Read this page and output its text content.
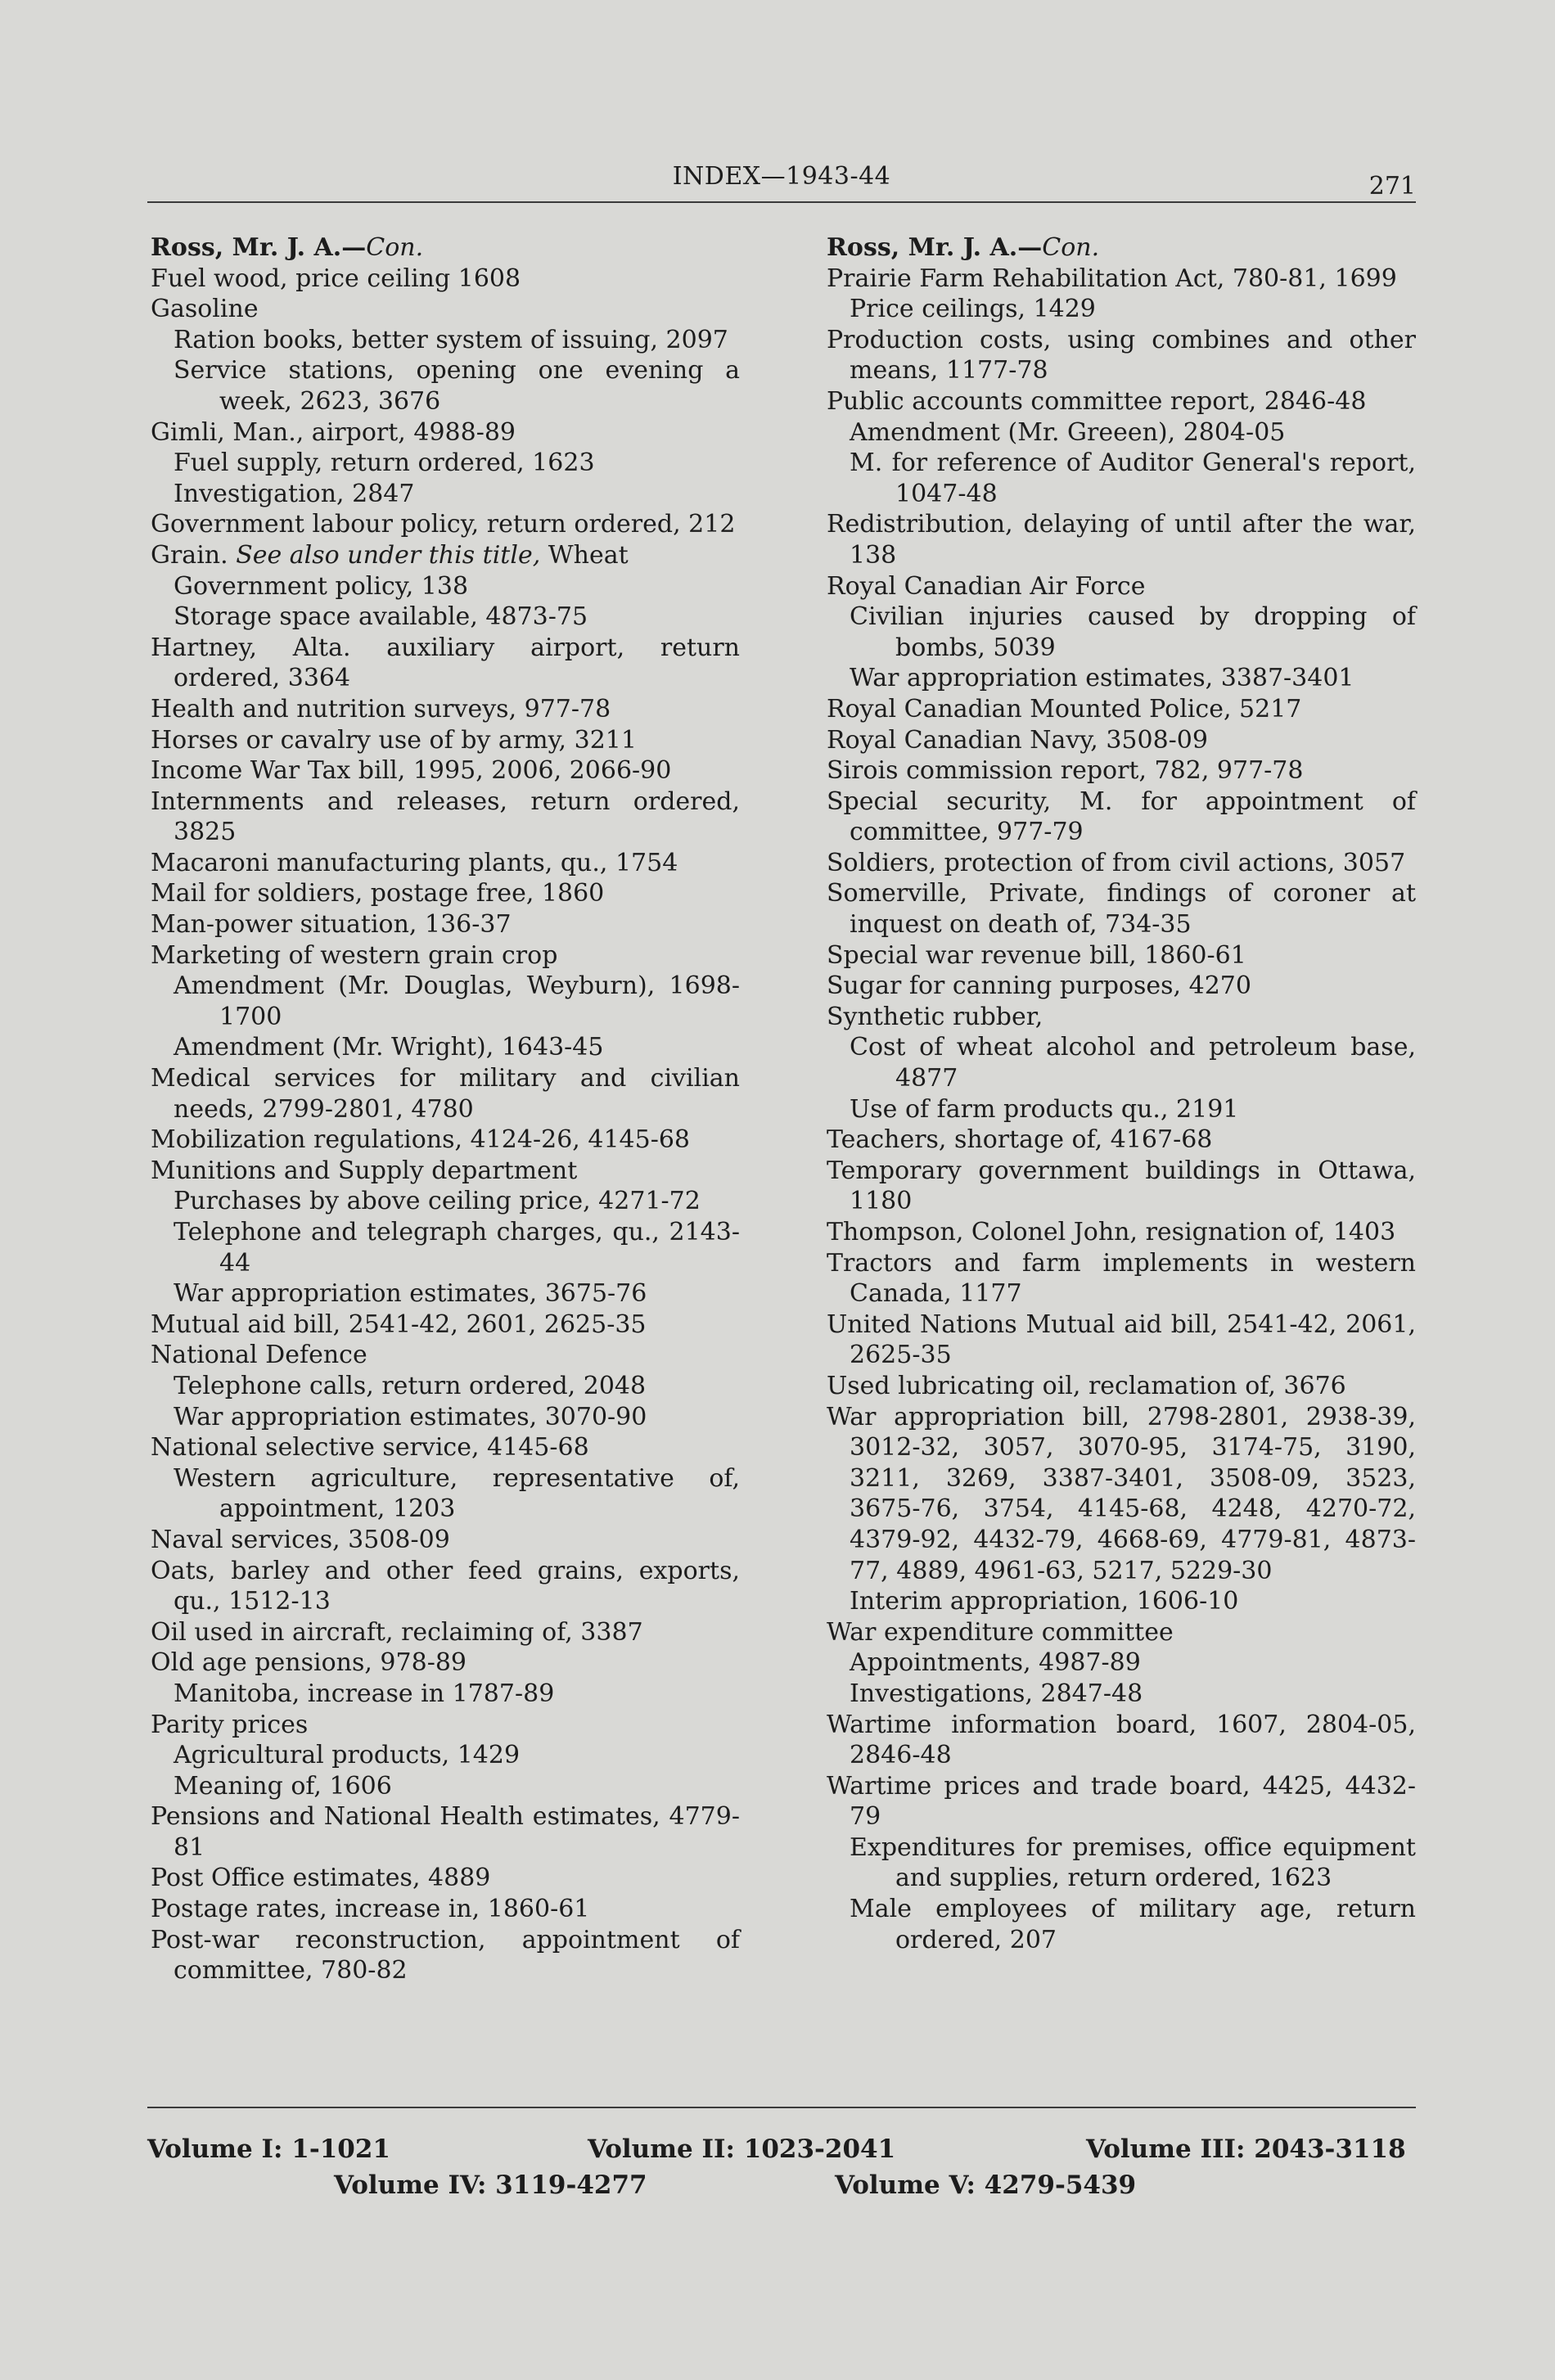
INDEX—1943-44	271
Ross, Mr. J. A.—Con.
Fuel wood, price ceiling 1608
Gasoline
Ration books, better system of issuing, 2097
Service stations, opening one evening a week, 2623, 3676
Gimli, Man., airport, 4988-89
Fuel supply, return ordered, 1623
Investigation, 2847
Government labour policy, return ordered, 212
Grain. See also under this title, Wheat
Government policy, 138
Storage space available, 4873-75
Hartney, Alta. auxiliary airport, return ordered, 3364
Health and nutrition surveys, 977-78
Horses or cavalry use of by army, 3211
Income War Tax bill, 1995, 2006, 2066-90
Internments and releases, return ordered, 3825
Macaroni manufacturing plants, qu., 1754
Mail for soldiers, postage free, 1860
Man-power situation, 136-37
Marketing of western grain crop
Amendment (Mr. Douglas, Weyburn), 1698-1700
Amendment (Mr. Wright), 1643-45
Medical services for military and civilian needs, 2799-2801, 4780
Mobilization regulations, 4124-26, 4145-68
Munitions and Supply department
Purchases by above ceiling price, 4271-72
Telephone and telegraph charges, qu., 2143-44
War appropriation estimates, 3675-76
Mutual aid bill, 2541-42, 2601, 2625-35
National Defence
Telephone calls, return ordered, 2048
War appropriation estimates, 3070-90
National selective service, 4145-68
Western agriculture, representative of, appointment, 1203
Naval services, 3508-09
Oats, barley and other feed grains, exports, qu., 1512-13
Oil used in aircraft, reclaiming of, 3387
Old age pensions, 978-89
Manitoba, increase in 1787-89
Parity prices
Agricultural products, 1429
Meaning of, 1606
Pensions and National Health estimates, 4779-81
Post Office estimates, 4889
Postage rates, increase in, 1860-61
Post-war reconstruction, appointment of committee, 780-82
Ross, Mr. J. A.—Con.
Prairie Farm Rehabilitation Act, 780-81, 1699
Price ceilings, 1429
Production costs, using combines and other means, 1177-78
Public accounts committee report, 2846-48
Amendment (Mr. Greeen), 2804-05
M. for reference of Auditor General's report, 1047-48
Redistribution, delaying of until after the war, 138
Royal Canadian Air Force
Civilian injuries caused by dropping of bombs, 5039
War appropriation estimates, 3387-3401
Royal Canadian Mounted Police, 5217
Royal Canadian Navy, 3508-09
Sirois commission report, 782, 977-78
Special security, M. for appointment of committee, 977-79
Soldiers, protection of from civil actions, 3057
Somerville, Private, findings of coroner at inquest on death of, 734-35
Special war revenue bill, 1860-61
Sugar for canning purposes, 4270
Synthetic rubber,
Cost of wheat alcohol and petroleum base, 4877
Use of farm products qu., 2191
Teachers, shortage of, 4167-68
Temporary government buildings in Ottawa, 1180
Thompson, Colonel John, resignation of, 1403
Tractors and farm implements in western Canada, 1177
United Nations Mutual aid bill, 2541-42, 2061, 2625-35
Used lubricating oil, reclamation of, 3676
War appropriation bill, 2798-2801, 2938-39, 3012-32, 3057, 3070-95, 3174-75, 3190, 3211, 3269, 3387-3401, 3508-09, 3523, 3675-76, 3754, 4145-68, 4248, 4270-72, 4379-92, 4432-79, 4668-69, 4779-81, 4873-77, 4889, 4961-63, 5217, 5229-30
Interim appropriation, 1606-10
War expenditure committee
Appointments, 4987-89
Investigations, 2847-48
Wartime information board, 1607, 2804-05, 2846-48
Wartime prices and trade board, 4425, 4432-79
Expenditures for premises, office equipment and supplies, return ordered, 1623
Male employees of military age, return ordered, 207
Volume I: 1-1021	Volume II: 1023-2041	Volume III: 2043-3118
Volume IV: 3119-4277	Volume V: 4279-5439
